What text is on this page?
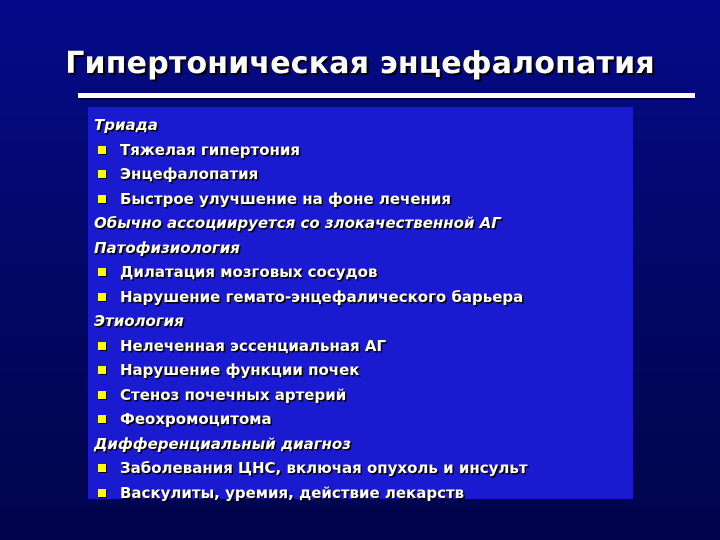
Гипертоническая энцефалопатия
Триада
Тяжелая гипертония
Энцефалопатия
Быстрое улучшение на фоне лечения
Обычно ассоциируется со злокачественной АГ
Патофизиология
Дилатация мозговых сосудов
Нарушение гемато-энцефалического барьера
Этиология
Нелеченная эссенциальная АГ
Нарушение функции почек
Стеноз почечных артерий
Феохромоцитома
Дифференциальный диагноз
Заболевания ЦНС, включая опухоль и инсульт
Васкулиты, уремия, действие лекарств
